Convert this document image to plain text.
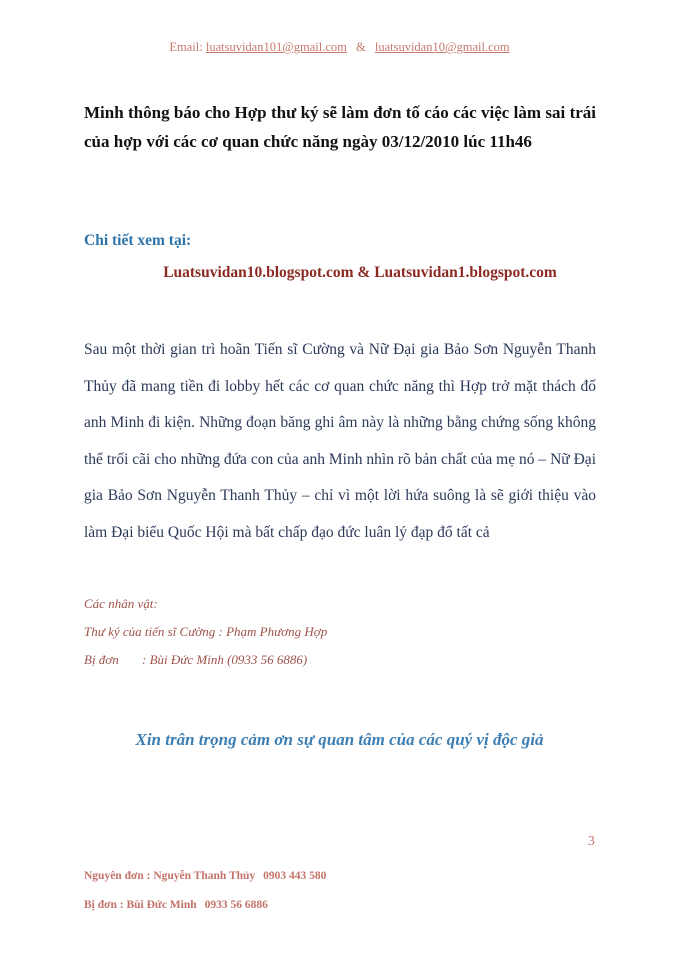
Email: luatsuvidan101@gmail.com & luatsuvidan10@gmail.com
Minh thông báo cho Hợp thư ký sẽ làm đơn tố cáo các việc làm sai trái của hợp với các cơ quan chức năng ngày 03/12/2010 lúc 11h46
Chi tiết xem tại:
Luatsuvidan10.blogspot.com & Luatsuvidan1.blogspot.com
Sau một thời gian trì hoãn Tiến sĩ Cường và Nữ Đại gia Bảo Sơn Nguyễn Thanh Thủy đã mang tiền đi lobby hết các cơ quan chức năng thì Hợp trở mặt thách đố anh Minh đi kiện. Những đoạn băng ghi âm này là những bằng chứng sống không thể trối cãi cho những đứa con của anh Minh nhìn rõ bản chất của mẹ nó – Nữ Đại gia Bảo Sơn Nguyễn Thanh Thủy – chỉ vì một lời hứa suông là sẽ giới thiệu vào làm Đại biểu Quốc Hội mà bất chấp đạo đức luân lý đạp đổ tất cả
Các nhân vật:
Thư ký của tiến sĩ Cường : Phạm Phương Hợp
Bị đơn : Bùi Đức Minh (0933 56 6886)
Xin trân trọng cảm ơn sự quan tâm của các quý vị độc giả
3
Nguyên đơn : Nguyễn Thanh Thủy 0903 443 580
Bị đơn : Bùi Đức Minh 0933 56 6886
